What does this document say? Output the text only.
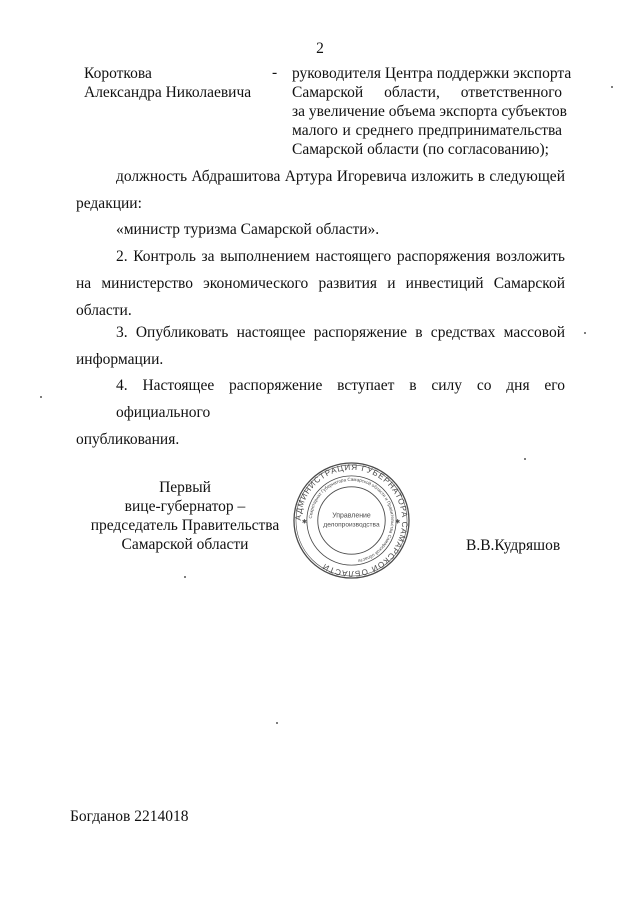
2
Короткова
Александра Николаевича
- руководителя Центра поддержки экспорта
Самарской области, ответственного
за увеличение объема экспорта субъектов
малого и среднего предпринимательства
Самарской области (по согласованию);
должность Абдрашитова Артура Игоревича изложить в следующей
редакции:
«министр туризма Самарской области».
2. Контроль за выполнением настоящего распоряжения возложить
на министерство экономического развития и инвестиций Самарской
области.
3. Опубликовать настоящее распоряжение в средствах массовой
информации.
4. Настоящее распоряжение вступает в силу со дня его официального
опубликования.
Первый
вице-губернатор –
председатель Правительства
Самарской области
АДМИНИСТРАЦИЯ ГУБЕРНАТОРА САМАРСКОЙ ОБЛАСТИ
Секретариат Губернатора Самарской области и Правительства Самарской области
Управление
делопроизводства
✱	✱
В.В.Кудряшов
Богданов 2214018
